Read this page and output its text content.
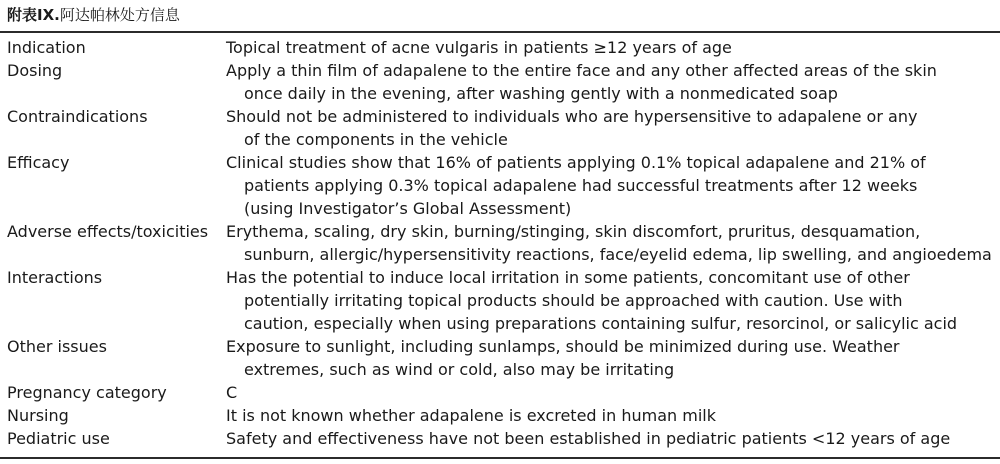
附表IX.阿达帕林处方信息
Indication	Topical treatment of acne vulgaris in patients ≥12 years of age
Dosing	Apply a thin film of adapalene to the entire face and any other affected areas of the skin
once daily in the evening, after washing gently with a nonmedicated soap
Contraindications	Should not be administered to individuals who are hypersensitive to adapalene or any
of the components in the vehicle
Efficacy	Clinical studies show that 16% of patients applying 0.1% topical adapalene and 21% of
patients applying 0.3% topical adapalene had successful treatments after 12 weeks
(using Investigator’s Global Assessment)
Adverse effects/toxicities	Erythema, scaling, dry skin, burning/stinging, skin discomfort, pruritus, desquamation,
sunburn, allergic/hypersensitivity reactions, face/eyelid edema, lip swelling, and angioedema
Interactions	Has the potential to induce local irritation in some patients, concomitant use of other
potentially irritating topical products should be approached with caution. Use with
caution, especially when using preparations containing sulfur, resorcinol, or salicylic acid
Other issues	Exposure to sunlight, including sunlamps, should be minimized during use. Weather
extremes, such as wind or cold, also may be irritating
Pregnancy category	C
Nursing	It is not known whether adapalene is excreted in human milk
Pediatric use	Safety and effectiveness have not been established in pediatric patients <12 years of age
